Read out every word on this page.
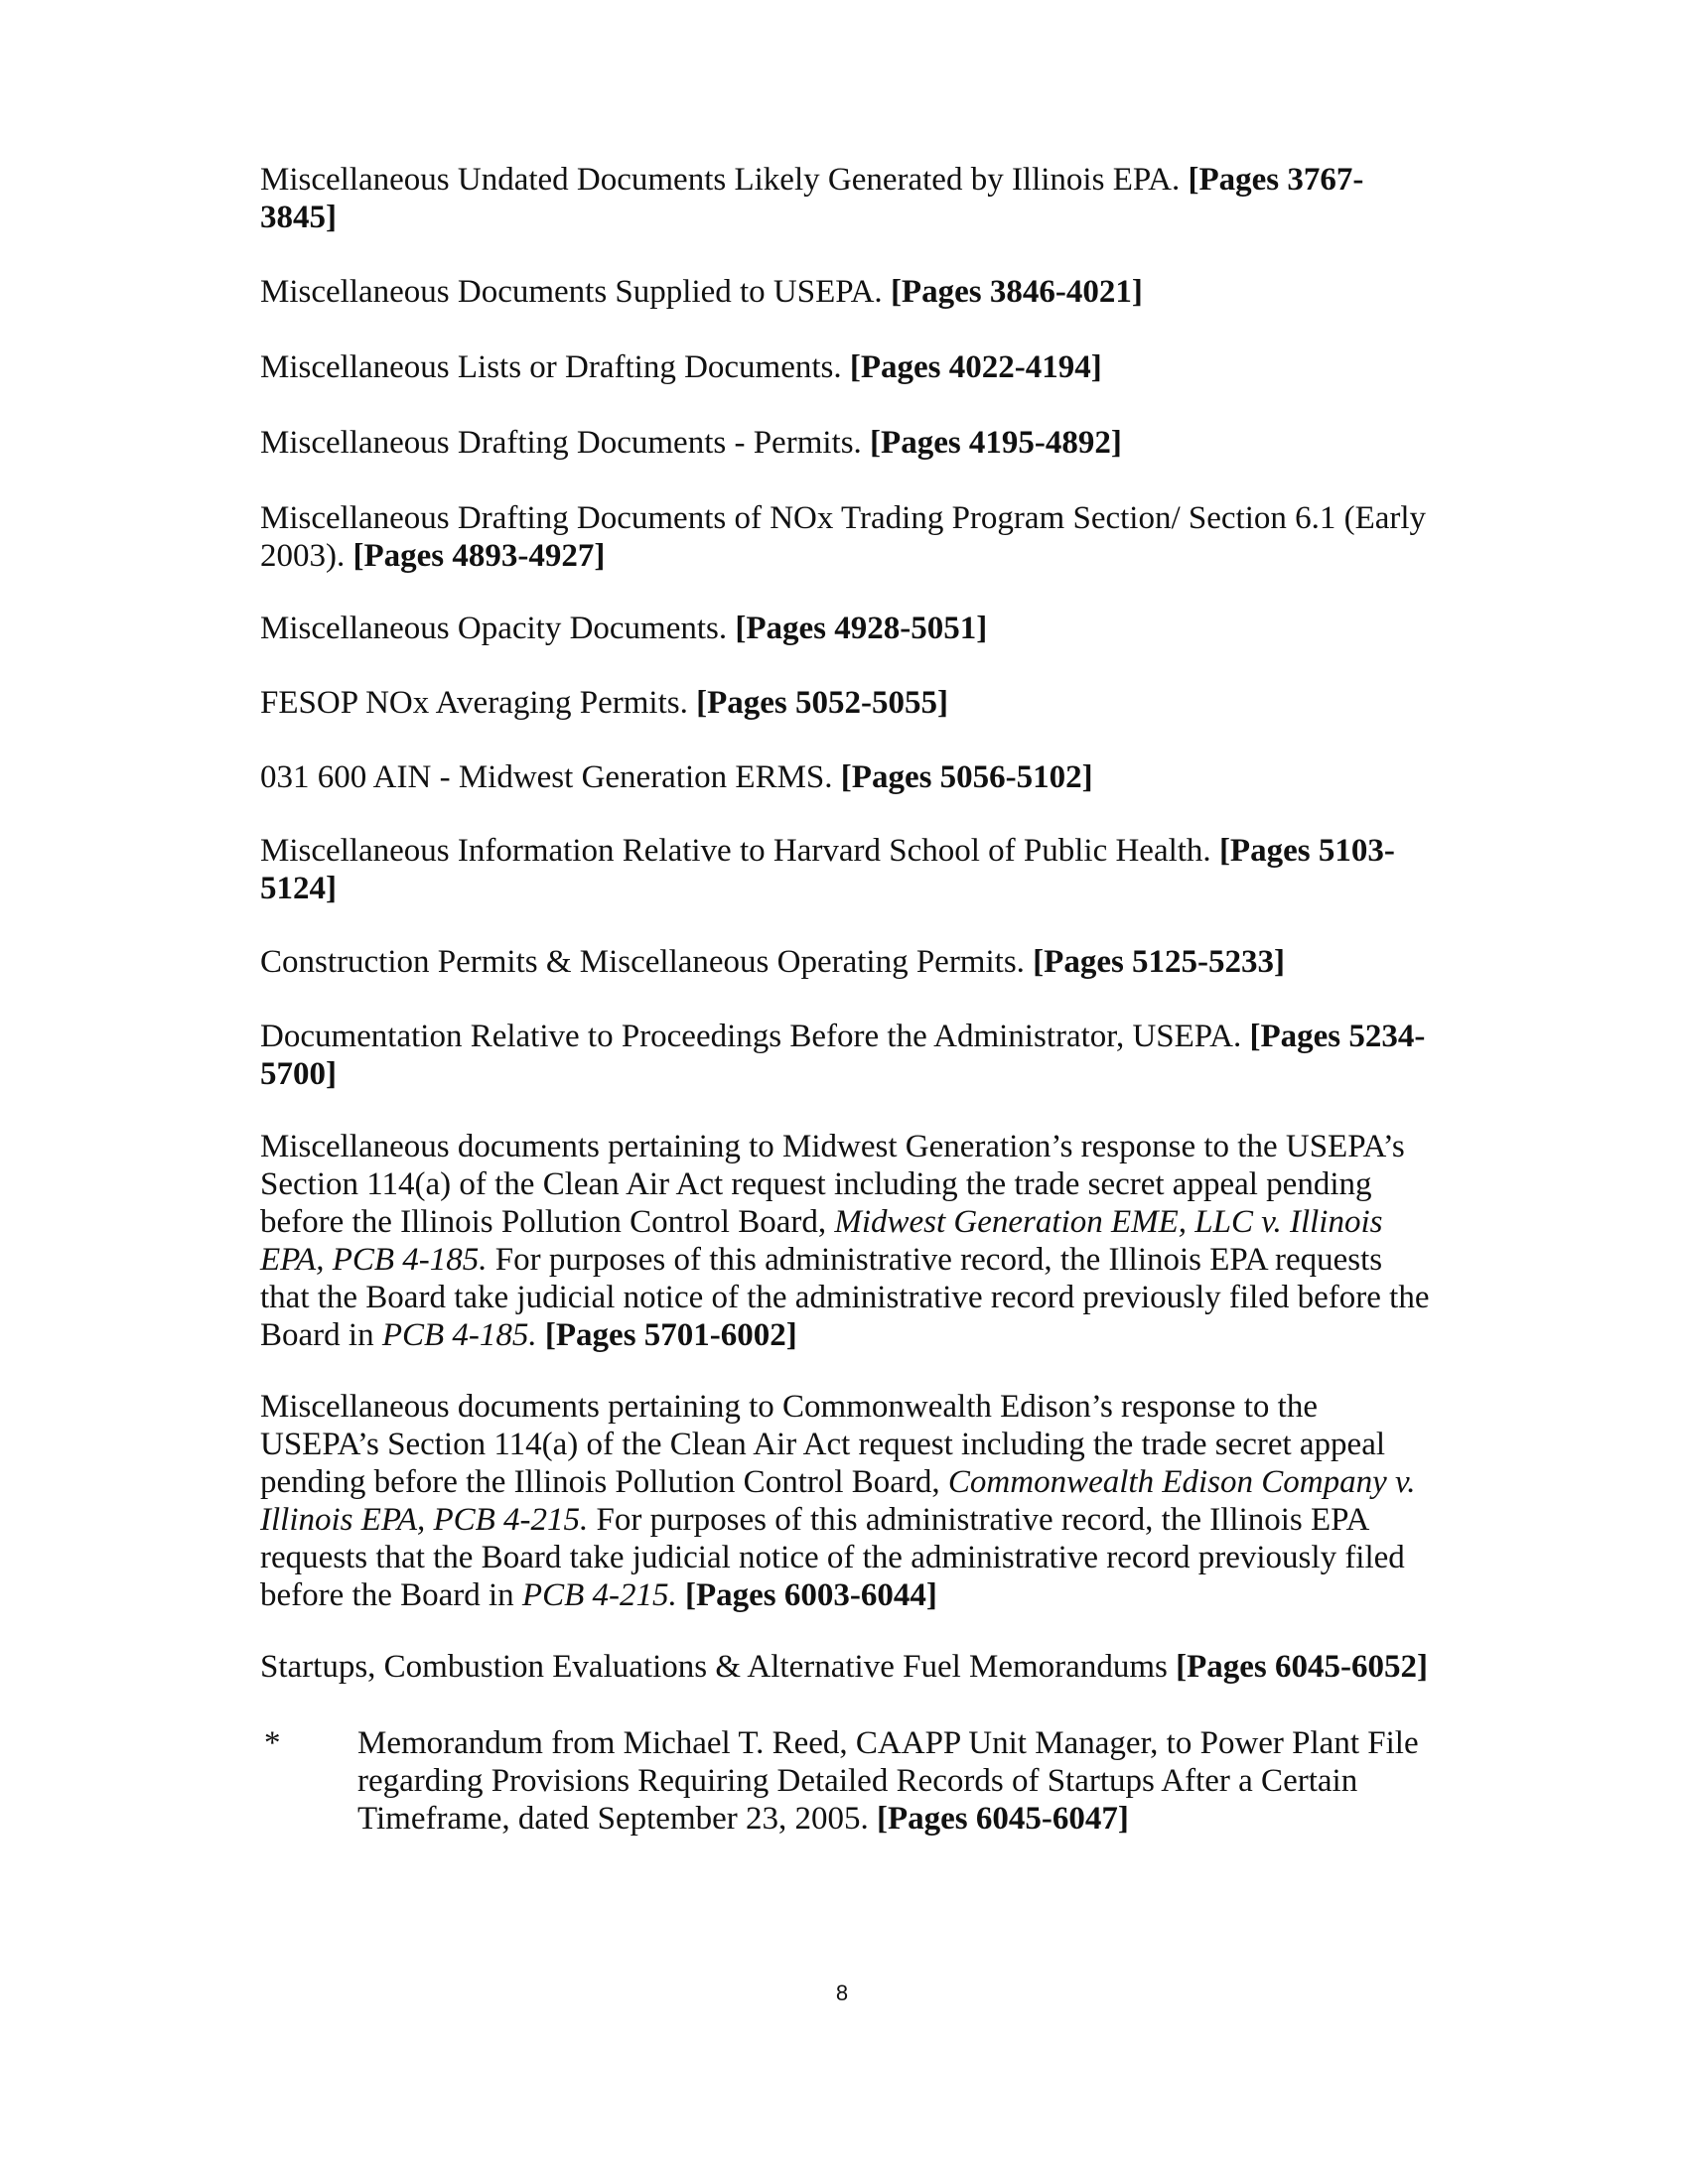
Miscellaneous Undated Documents Likely Generated by Illinois EPA. [Pages 3767-
3845]
Miscellaneous Documents Supplied to USEPA. [Pages 3846-4021]
Miscellaneous Lists or Drafting Documents. [Pages 4022-4194]
Miscellaneous Drafting Documents - Permits. [Pages 4195-4892]
Miscellaneous Drafting Documents of NOx Trading Program Section/ Section 6.1 (Early
2003). [Pages 4893-4927]
Miscellaneous Opacity Documents. [Pages 4928-5051]
FESOP NOx Averaging Permits. [Pages 5052-5055]
031 600 AIN - Midwest Generation ERMS. [Pages 5056-5102]
Miscellaneous Information Relative to Harvard School of Public Health. [Pages 5103-
5124]
Construction Permits & Miscellaneous Operating Permits. [Pages 5125-5233]
Documentation Relative to Proceedings Before the Administrator, USEPA. [Pages 5234-
5700]
Miscellaneous documents pertaining to Midwest Generation’s response to the USEPA’s
Section 114(a) of the Clean Air Act request including the trade secret appeal pending
before the Illinois Pollution Control Board, Midwest Generation EME, LLC v. Illinois
EPA, PCB 4-185. For purposes of this administrative record, the Illinois EPA requests
that the Board take judicial notice of the administrative record previously filed before the
Board in PCB 4-185. [Pages 5701-6002]
Miscellaneous documents pertaining to Commonwealth Edison’s response to the
USEPA’s Section 114(a) of the Clean Air Act request including the trade secret appeal
pending before the Illinois Pollution Control Board, Commonwealth Edison Company v.
Illinois EPA, PCB 4-215. For purposes of this administrative record, the Illinois EPA
requests that the Board take judicial notice of the administrative record previously filed
before the Board in PCB 4-215. [Pages 6003-6044]
Startups, Combustion Evaluations & Alternative Fuel Memorandums [Pages 6045-6052]
* Memorandum from Michael T. Reed, CAAPP Unit Manager, to Power Plant File
regarding Provisions Requiring Detailed Records of Startups After a Certain
Timeframe, dated September 23, 2005. [Pages 6045-6047]
8
